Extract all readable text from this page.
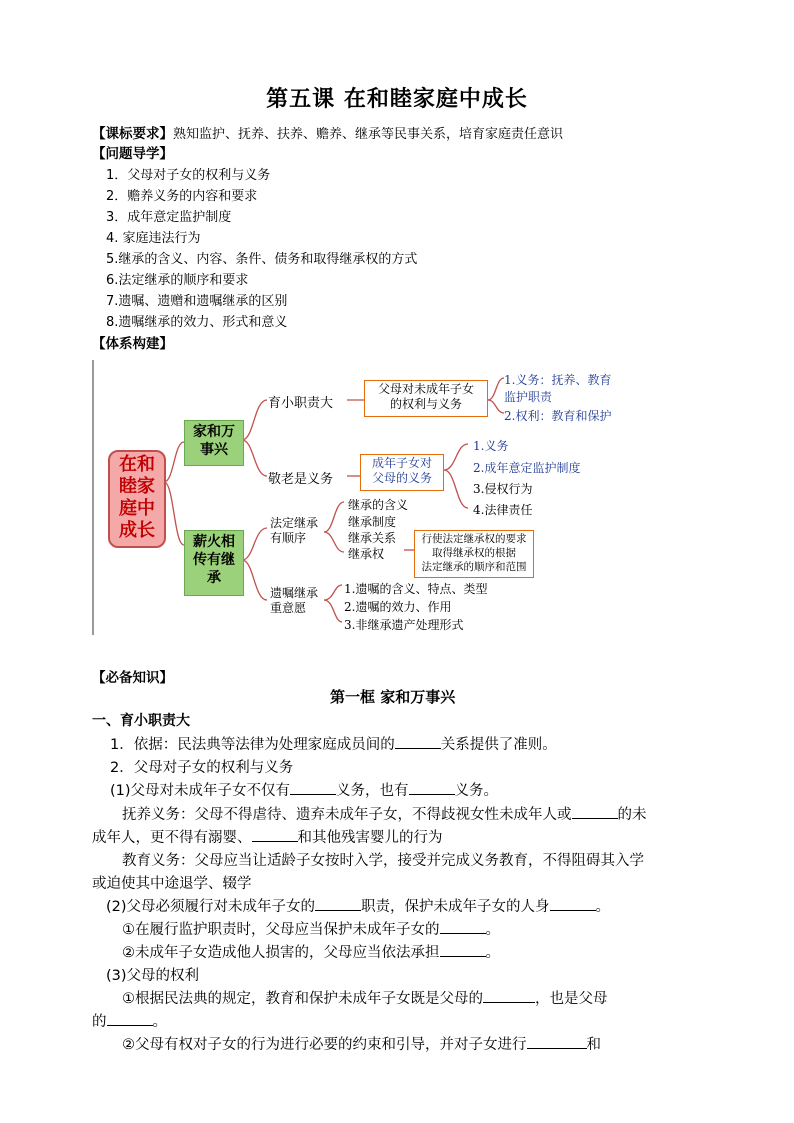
第五课 在和睦家庭中成长
【课标要求】熟知监护、抚养、扶养、赡养、继承等民事关系，培育家庭责任意识
【问题导学】
1．父母对子女的权利与义务
2．赡养义务的内容和要求
3．成年意定监护制度
4. 家庭违法行为
5.继承的含义、内容、条件、债务和取得继承权的方式
6.法定继承的顺序和要求
7.遗嘱、遗赠和遗嘱继承的区别
8.遗嘱继承的效力、形式和意义
【体系构建】
在和
睦家
庭中
成长
家和万
事兴
薪火相
传有继
承
育小职责大
父母对未成年子女
的权利与义务
1.义务：抚养、教育
监护职责
2.权利：教育和保护
敬老是义务
成年子女对
父母的义务
1.义务
2.成年意定监护制度
3.侵权行为
4.法律责任
法定继承
有顺序
继承的含义
继承制度
继承关系
继承权
行使法定继承权的要求
取得继承权的根据
法定继承的顺序和范围
遗嘱继承
重意愿
1.遗嘱的含义、特点、类型
2.遗嘱的效力、作用
3.非继承遗产处理形式
【必备知识】
第一框 家和万事兴
一、育小职责大
1．依据：民法典等法律为处理家庭成员间的	关系提供了准则。
2．父母对子女的权利与义务
(1)父母对未成年子女不仅有	义务，也有	义务。
抚养义务：父母不得虐待、遗弃未成年子女，不得歧视女性未成年人或	的未
成年人，更不得有溺婴、	和其他残害婴儿的行为
教育义务：父母应当让适龄子女按时入学，接受并完成义务教育，不得阻碍其入学
或迫使其中途退学、辍学
(2)父母必须履行对未成年子女的	职责，保护未成年子女的人身	。
①在履行监护职责时，父母应当保护未成年子女的	。
②未成年子女造成他人损害的，父母应当依法承担	。
(3)父母的权利
①根据民法典的规定，教育和保护未成年子女既是父母的	，也是父母
的	。
②父母有权对子女的行为进行必要的约束和引导，并对子女进行	和
